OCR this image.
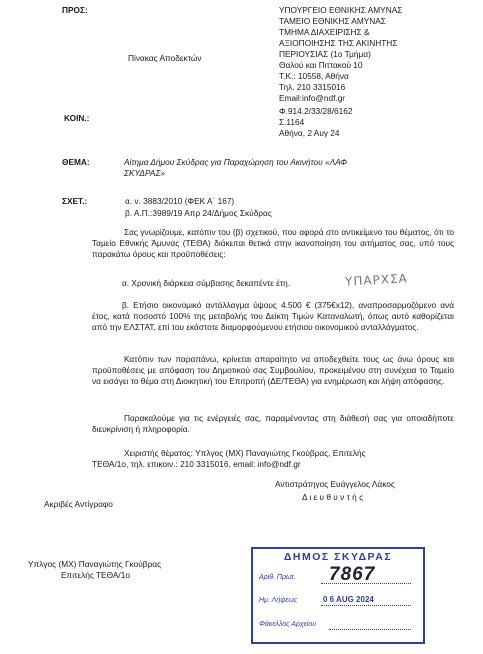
ΠΡΟΣ:
Πίνακας Αποδεκτών
ΥΠΟΥΡΓΕΙΟ ΕΘΝΙΚΗΣ ΑΜΥΝΑΣ
ΤΑΜΕΙΟ ΕΘΝΙΚΗΣ ΑΜΥΝΑΣ
ΤΜΗΜΑ ΔΙΑΧΕΙΡΙΣΗΣ &
ΑΞΙΟΠΟΙΗΣΗΣ ΤΗΣ ΑΚΙΝΗΤΗΣ
ΠΕΡΙΟΥΣΙΑΣ (1ο Τμήμα)
Θαλού και Πιττακού 10
Τ.Κ.: 10558, Αθήνα
Τηλ. 210 3315016
Email:info@ndf.gr
ΚΟΙΝ.:
Φ.914.2/33/28/6162
Σ.1164
Αθήνα, 2 Αυγ 24
ΘΕΜΑ:	Αίτημα Δήμου Σκύδρας για Παραχώρηση του Ακινήτου «ΛΑΦ
ΣΚΥΔΡΑΣ»
ΣΧΕΤ.:	α. ν. 3883/2010 (ΦΕΚ Α΄ 167)
β. Α.Π.:3989/19 Απρ 24/Δήμος Σκύδρας
Σας γνωρίζουμε, κατόπιν του (β) σχετικού, που αφορά στο αντικείμενο του θέματος, ότι το Ταμείο Εθνικής Άμυνας (ΤΕΘΑ) διάκειται θετικά στην ικανοποίηση του αιτήματος σας, υπό τους παρακάτω όρους και προϋποθέσεις:
α. Χρονική διάρκεια σύμβασης δεκαπέντε έτη.	ΥΠΑΡΧΣΑ
β. Ετήσιο οικονομικό αντάλλαγμα ύψους 4.500 € (375€x12), αναπροσαρμοζόμενο ανά έτος, κατά ποσοστό 100% της μεταβολής του Δείκτη Τιμών Καταναλωτή, όπως αυτό καθορίζεται από την ΕΛΣΤΑΤ, επί του εκάστοτε διαμορφούμενου ετήσιου οικονομικού ανταλλάγματος.
Κατόπιν των παραπάνω, κρίνεται απαραίτητο να αποδεχθείτε τους ως άνω όρους και προϋποθέσεις με απόφαση του Δημοτικού σας Συμβουλίου, προκειμένου στη συνέχεια το Ταμείο να εισάγει το θέμα στη Διοικητική του Επιτροπή (ΔΕ/ΤΕΘΑ) για ενημέρωση και λήψη απόφασης.
Παρακαλούμε για τις ενέργειές σας, παραμένοντας στη διάθεσή σας για οποιαδήποτε διευκρίνιση ή πληροφορία.
Χειριστής θέματος: Υπλγος (ΜΧ) Παναγιώτης Γκούβρας, Επιτελής
ΤΕΘΑ/1ο, τηλ. επικοιν.: 210 3315016, email: info@ndf.gr
Αντιστράτηγος Ευάγγελος Λάκος
Δ ι ε υ θ υ ν τ ή ς
Ακριβές Αντίγραφο
Υπλγος (ΜΧ) Παναγιώτης Γκούβρας
Επιτελής ΤΕΘΑ/1ο
ΔΗΜΟΣ ΣΚΥΔΡΑΣ
Αριθ. Πρωτ. 7867
Ημ. Λήψεως	0 6 AUG 2024
Φάκελλος Αρχείου
